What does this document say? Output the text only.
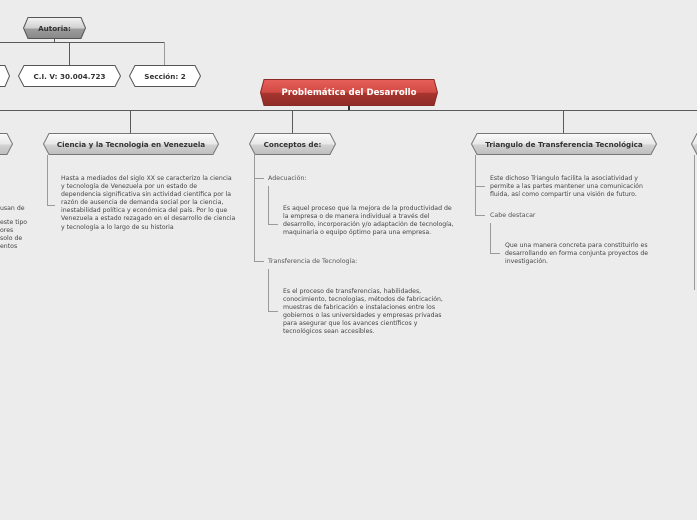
Autoria:
C.I. V: 30.004.723	Sección: 2
Problemática del Desarrollo
usan de
este tipo
ores
solo de
entos
Ciencia y la Tecnologia en Venezuela
Hasta a mediados del siglo XX se caracterizo la ciencia y tecnología de Venezuela por un estado de dependencia significativa sin actividad científica por la razón de ausencia de demanda social por la ciencia, inestabilidad política y económica del país. Por lo que Venezuela a estado rezagado en el desarrollo de ciencia y tecnología a lo largo de su historia
Conceptos de:
Adecuación:
Es aquel proceso que la mejora de la productividad de la empresa o de manera individual a través del desarrollo, incorporación y/o adaptación de tecnología, maquinaria o equipo óptimo para una empresa.
Transferencia de Tecnología:
Es el proceso de transferencias, habilidades, conocimiento, tecnologías, métodos de fabricación, muestras de fabricación e instalaciones entre los gobiernos o las universidades y empresas privadas para asegurar que los avances científicos y tecnológicos sean accesibles.
Triangulo de Transferencia Tecnológica
Este dichoso Triangulo facilita la asociatividad y permite a las partes mantener una comunicación fluida, así como compartir una visión de futuro.
Cabe destacar
Que una manera concreta para constituirlo es desarrollando en forma conjunta proyectos de investigación.
